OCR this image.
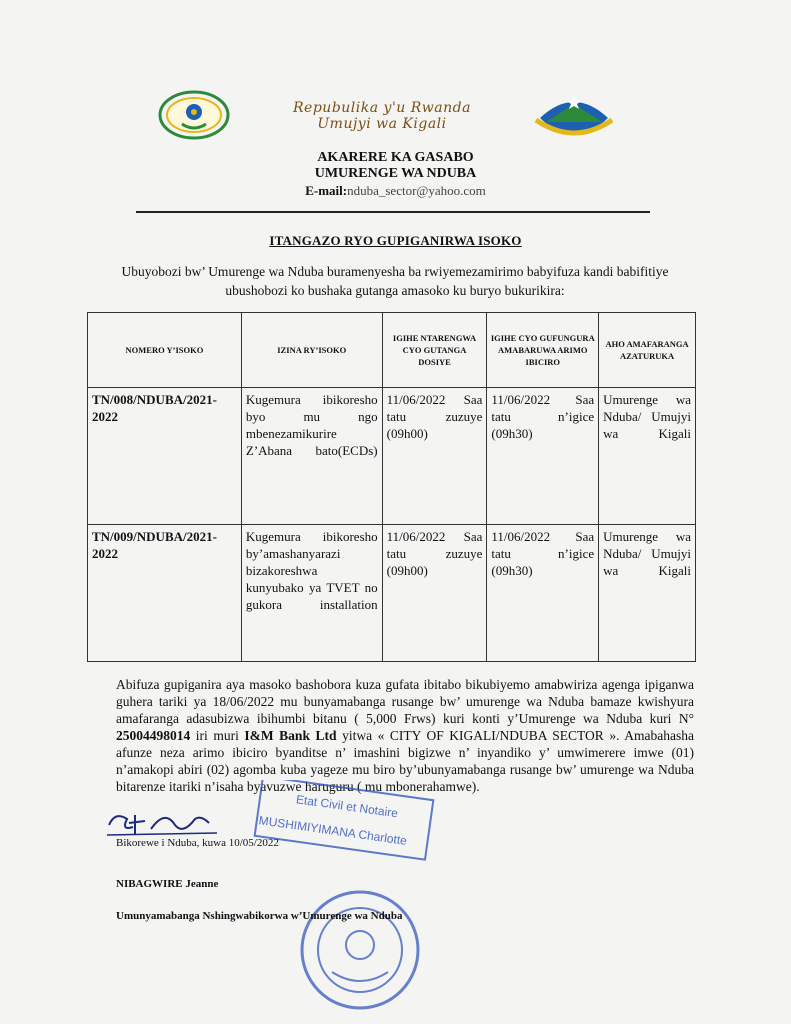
Repubulika y'u Rwanda
Umujyi wa Kigali
AKARERE KA GASABO
UMURENGE WA NDUBA
E-mail:nduba_sector@yahoo.com
ITANGAZO RYO GUPIGANIRWA ISOKO
Ubuyobozi bw’ Umurenge wa Nduba buramenyesha ba rwiyemezamirimo babyifuza kandi babifitiye ubushobozi ko bushaka gutanga amasoko ku buryo bukurikira:
NOMERO Y’ISOKO	IZINA RY’ISOKO	IGIHE NTARENGWA CYO GUTANGA DOSIYE	IGIHE CYO GUFUNGURA AMABARUWA ARIMO IBICIRO	AHO AMAFARANGA AZATURUKA
TN/008/NDUBA/2021-2022	Kugemura ibikoresho byo mu ngo mbenezamikurire Z’Abana bato(ECDs)	11/06/2022 Saa tatu zuzuye (09h00)	11/06/2022 Saa tatu n’igice (09h30)	Umurenge wa Nduba/ Umujyi wa Kigali
TN/009/NDUBA/2021-2022	Kugemura ibikoresho by’amashanyarazi bizakoreshwa kunyubako ya TVET no gukora installation	11/06/2022 Saa tatu zuzuye (09h00)	11/06/2022 Saa tatu n’igice (09h30)	Umurenge wa Nduba/ Umujyi wa Kigali
Abifuza gupiganira aya masoko bashobora kuza gufata ibitabo bikubiyemo amabwiriza agenga ipiganwa guhera tariki ya 18/06/2022 mu bunyamabanga rusange bw’ umurenge wa Nduba bamaze kwishyura amafaranga adasubizwa ibihumbi bitanu ( 5,000 Frws) kuri konti y’Umurenge wa Nduba kuri N° 25004498014 iri muri I&M Bank Ltd yitwa « CITY OF KIGALI/NDUBA SECTOR ». Amabahasha afunze neza arimo ibiciro byanditse n’ imashini bigizwe n’ inyandiko y’ umwimerere imwe (01) n’amakopi abiri (02) agomba kuba yageze mu biro by’ubunyamabanga rusange bw’ umurenge wa Nduba bitarenze itariki n’isaha byavuzwe haruguru ( mu mbonerahamwe).
Etat Civil et Notaire
MUSHIMIYIMANA Charlotte
Bikorewe i Nduba, kuwa 10/05/2022
NIBAGWIRE Jeanne
Umunyamabanga Nshingwabikorwa w’Umurenge wa Nduba
